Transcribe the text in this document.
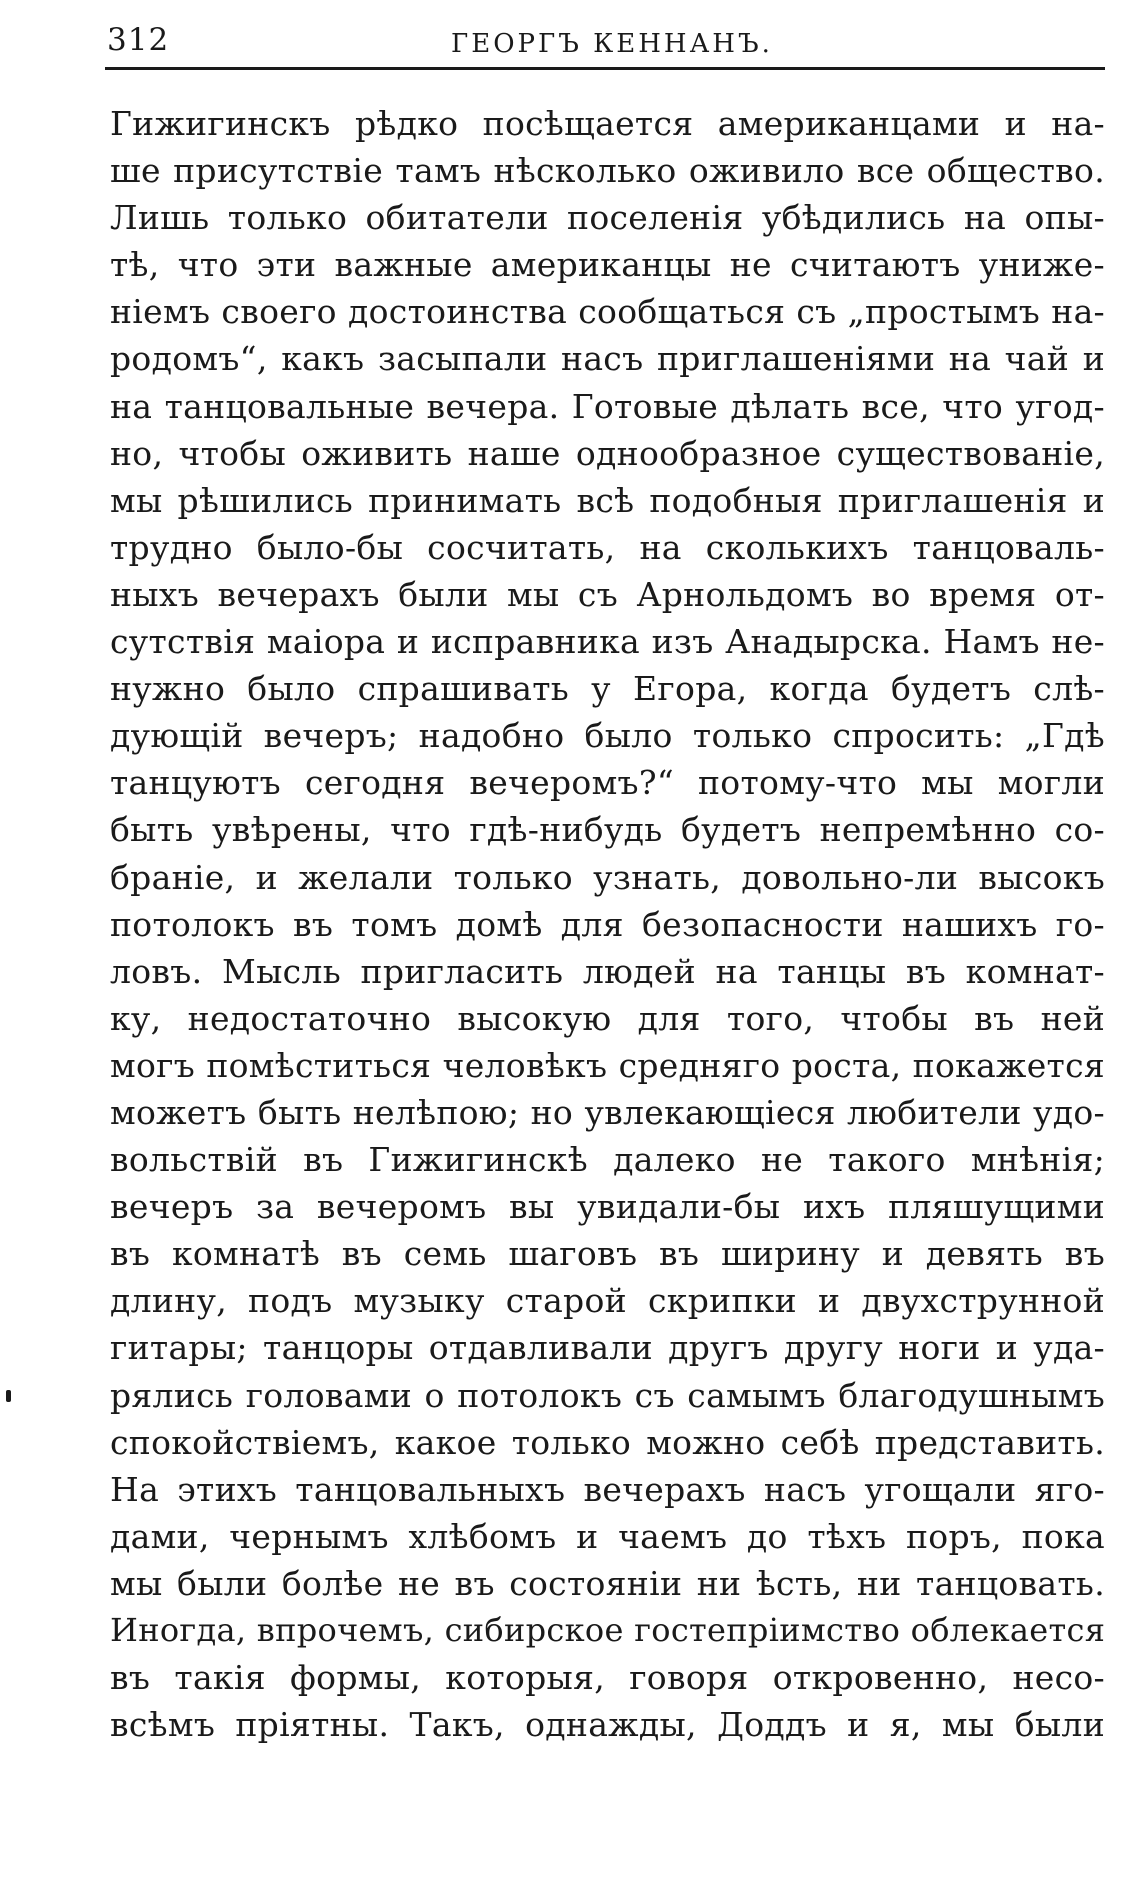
312	ГЕОРГЪ КЕННАНЪ.
Гижигинскъ рѣдко посѣщается американцами и на-
ше присутствіе тамъ нѣсколько оживило все общество.
Лишь только обитатели поселенія убѣдились на опы-
тѣ, что эти важные американцы не считаютъ униже-
ніемъ своего достоинства сообщаться съ „простымъ на-
родомъ“, какъ засыпали насъ приглашеніями на чай и
на танцовальные вечера. Готовые дѣлать все, что угод-
но, чтобы оживить наше однообразное существованіе,
мы рѣшились принимать всѣ подобныя приглашенія и
трудно было-бы сосчитать, на сколькихъ танцоваль-
ныхъ вечерахъ были мы съ Арнольдомъ во время от-
сутствія маіора и исправника изъ Анадырска. Намъ не-
нужно было спрашивать у Егора, когда будетъ слѣ-
дующій вечеръ; надобно было только спросить: „Гдѣ
танцуютъ сегодня вечеромъ?“ потому-что мы могли
быть увѣрены, что гдѣ-нибудь будетъ непремѣнно со-
браніе, и желали только узнать, довольно-ли высокъ
потолокъ въ томъ домѣ для безопасности нашихъ го-
ловъ. Мысль пригласить людей на танцы въ комнат-
ку, недостаточно высокую для того, чтобы въ ней
могъ помѣститься человѣкъ средняго роста, покажется
можетъ быть нелѣпою; но увлекающіеся любители удо-
вольствій въ Гижигинскѣ далеко не такого мнѣнія;
вечеръ за вечеромъ вы увидали-бы ихъ пляшущими
въ комнатѣ въ семь шаговъ въ ширину и девять въ
длину, подъ музыку старой скрипки и двухструнной
гитары; танцоры отдавливали другъ другу ноги и уда-
рялись головами о потолокъ съ самымъ благодушнымъ
спокойствіемъ, какое только можно себѣ представить.
На этихъ танцовальныхъ вечерахъ насъ угощали яго-
дами, чернымъ хлѣбомъ и чаемъ до тѣхъ поръ, пока
мы были болѣе не въ состояніи ни ѣсть, ни танцовать.
Иногда, впрочемъ, сибирское гостепріимство облекается
въ такія формы, которыя, говоря откровенно, несо-
всѣмъ пріятны. Такъ, однажды, Доддъ и я, мы были
